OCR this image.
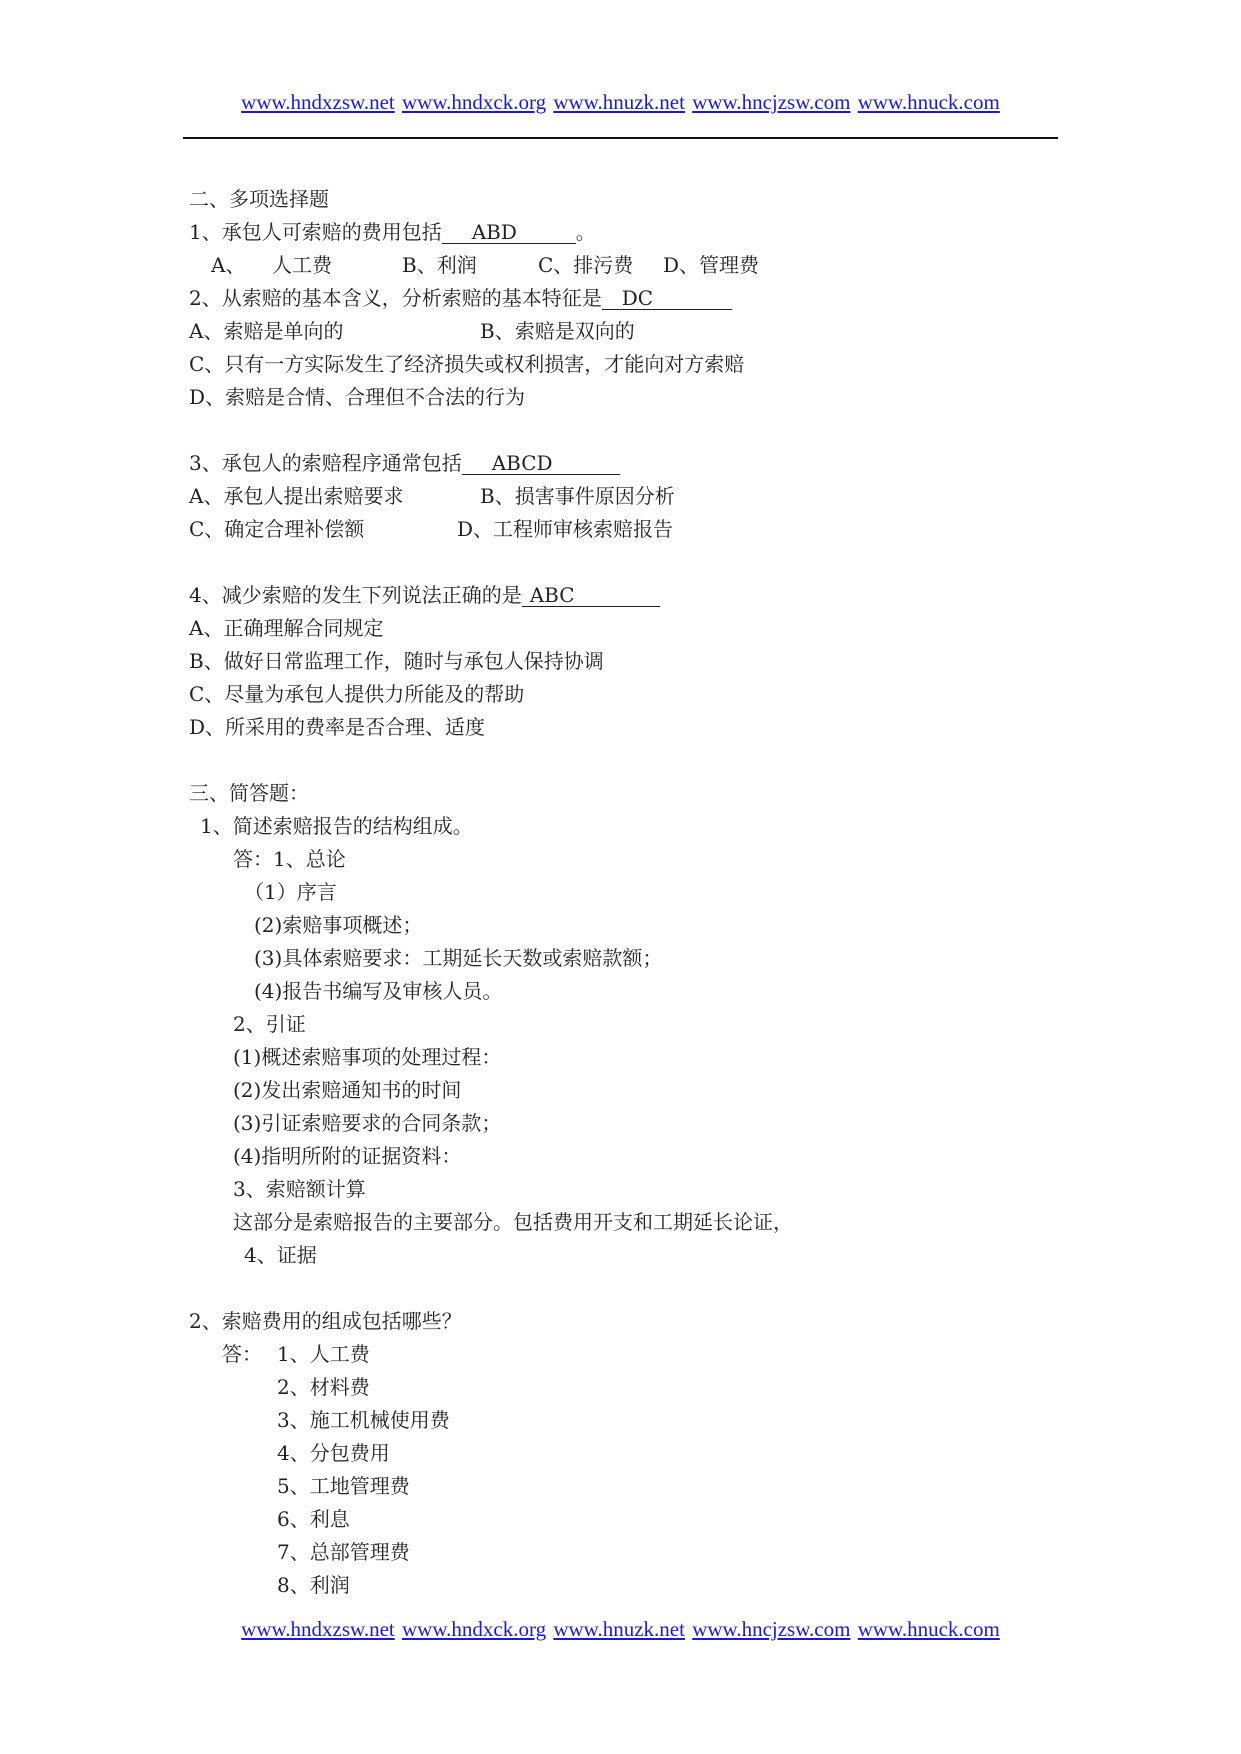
www.hndxzsw.net www.hndxck.org www.hnuzk.net www.hncjzsw.com www.hnuck.com
二、多项选择题
1、承包人可索赔的费用包括 ABD	。
A、 人工费	B、利润	C、排污费 D、管理费
2、从索赔的基本含义，分析索赔的基本特征是 DC
A、索赔是单向的	B、索赔是双向的
C、只有一方实际发生了经济损失或权利损害，才能向对方索赔
D、索赔是合情、合理但不合法的行为
3、承包人的索赔程序通常包括 ABCD
A、承包人提出索赔要求	B、损害事件原因分析
C、确定合理补偿额	D、工程师审核索赔报告
4、减少索赔的发生下列说法正确的是 ABC
A、正确理解合同规定
B、做好日常监理工作，随时与承包人保持协调
C、尽量为承包人提供力所能及的帮助
D、所采用的费率是否合理、适度
三、简答题：
1、简述索赔报告的结构组成。
答：1、总论
（1）序言
(2)索赔事项概述；
(3)具体索赔要求：工期延长天数或索赔款额；
(4)报告书编写及审核人员。
2、引证
(1)概述索赔事项的处理过程：
(2)发出索赔通知书的时间
(3)引证索赔要求的合同条款；
(4)指明所附的证据资料：
3、索赔额计算
这部分是索赔报告的主要部分。包括费用开支和工期延长论证，
4、证据
2、索赔费用的组成包括哪些？
答： 1、人工费
2、材料费
3、施工机械使用费
4、分包费用
5、工地管理费
6、利息
7、总部管理费
8、利润
www.hndxzsw.net www.hndxck.org www.hnuzk.net www.hncjzsw.com www.hnuck.com
